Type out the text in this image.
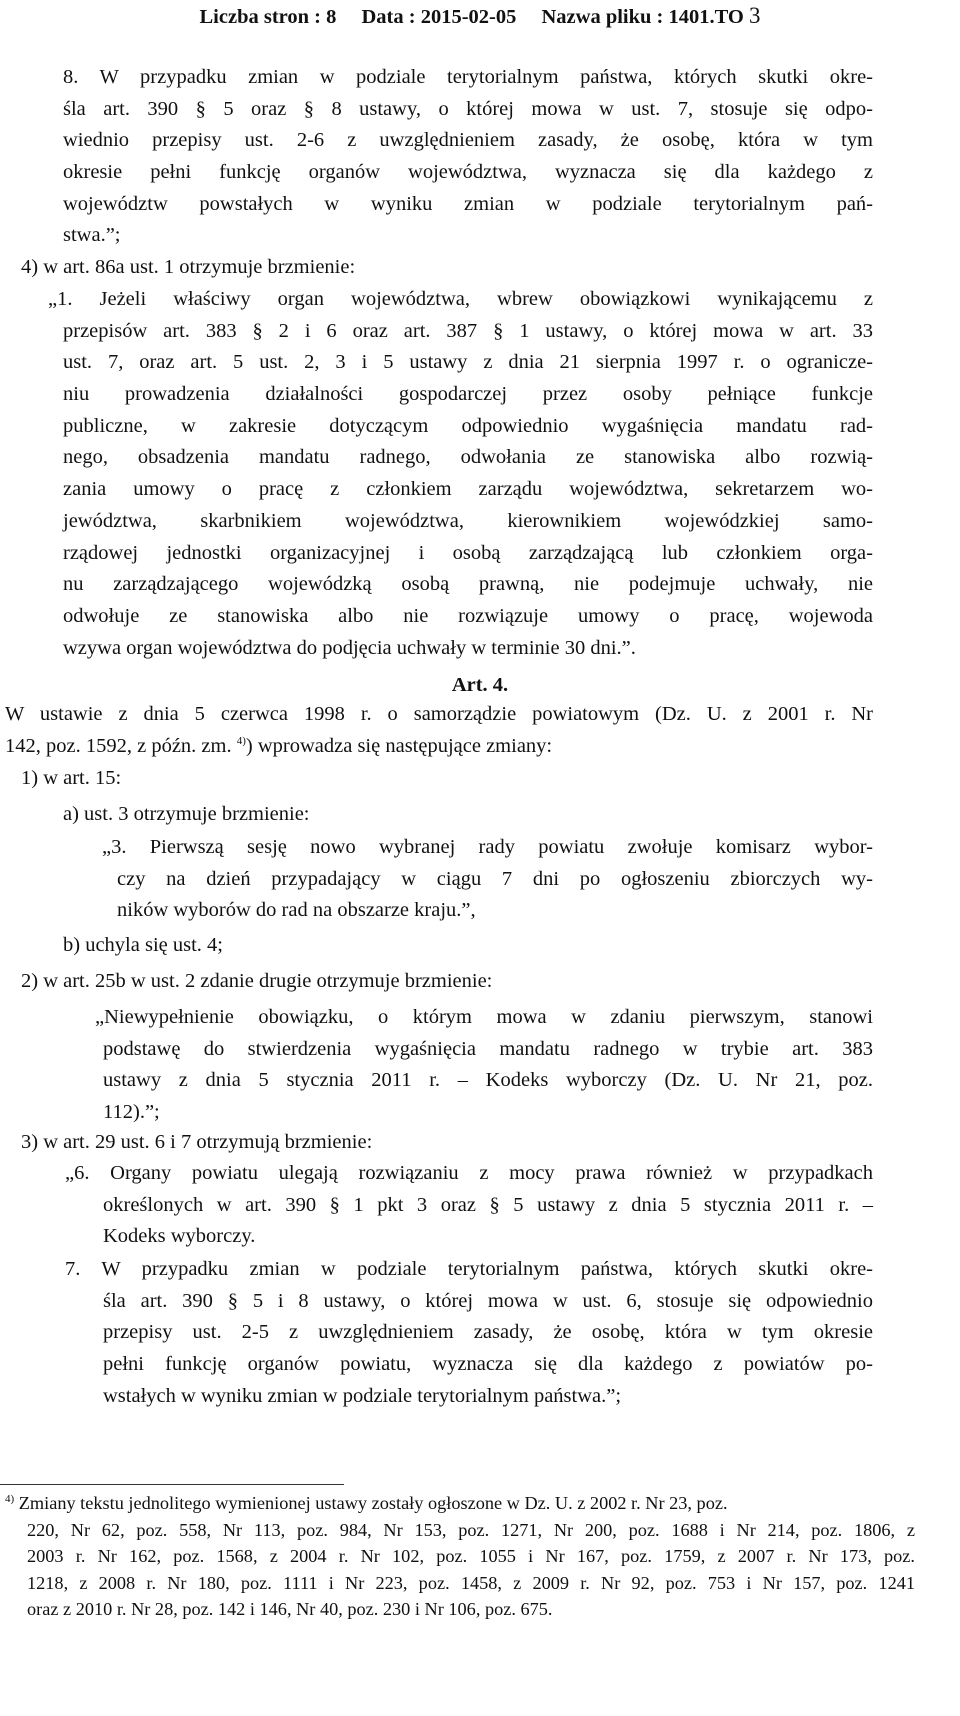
Liczba stron : 8 Data : 2015-02-05 Nazwa pliku : 1401.TO 3
8. W przypadku zmian w podziale terytorialnym państwa, których skutki okre-
śla art. 390 § 5 oraz § 8 ustawy, o której mowa w ust. 7, stosuje się odpo-
wiednio przepisy ust. 2-6 z uwzględnieniem zasady, że osobę, która w tym
okresie pełni funkcję organów województwa, wyznacza się dla każdego z
województw powstałych w wyniku zmian w podziale terytorialnym pań-
stwa.”;
4) w art. 86a ust. 1 otrzymuje brzmienie:
„1. Jeżeli właściwy organ województwa, wbrew obowiązkowi wynikającemu z
przepisów art. 383 § 2 i 6 oraz art. 387 § 1 ustawy, o której mowa w art. 33
ust. 7, oraz art. 5 ust. 2, 3 i 5 ustawy z dnia 21 sierpnia 1997 r. o ogranicze-
niu prowadzenia działalności gospodarczej przez osoby pełniące funkcje
publiczne, w zakresie dotyczącym odpowiednio wygaśnięcia mandatu rad-
nego, obsadzenia mandatu radnego, odwołania ze stanowiska albo rozwią-
zania umowy o pracę z członkiem zarządu województwa, sekretarzem wo-
jewództwa, skarbnikiem województwa, kierownikiem wojewódzkiej samo-
rządowej jednostki organizacyjnej i osobą zarządzającą lub członkiem orga-
nu zarządzającego wojewódzką osobą prawną, nie podejmuje uchwały, nie
odwołuje ze stanowiska albo nie rozwiązuje umowy o pracę, wojewoda
wzywa organ województwa do podjęcia uchwały w terminie 30 dni.”.
Art. 4.
W ustawie z dnia 5 czerwca 1998 r. o samorządzie powiatowym (Dz. U. z 2001 r. Nr
142, poz. 1592, z późn. zm. $^{4)}$) wprowadza się następujące zmiany:
1) w art. 15:
a) ust. 3 otrzymuje brzmienie:
„3. Pierwszą sesję nowo wybranej rady powiatu zwołuje komisarz wybor-
czy na dzień przypadający w ciągu 7 dni po ogłoszeniu zbiorczych wy-
ników wyborów do rad na obszarze kraju.”,
b) uchyla się ust. 4;
2) w art. 25b w ust. 2 zdanie drugie otrzymuje brzmienie:
„Niewypełnienie obowiązku, o którym mowa w zdaniu pierwszym, stanowi
podstawę do stwierdzenia wygaśnięcia mandatu radnego w trybie art. 383
ustawy z dnia 5 stycznia 2011 r. – Kodeks wyborczy (Dz. U. Nr 21, poz.
112).”;
3) w art. 29 ust. 6 i 7 otrzymują brzmienie:
„6. Organy powiatu ulegają rozwiązaniu z mocy prawa również w przypadkach
określonych w art. 390 § 1 pkt 3 oraz § 5 ustawy z dnia 5 stycznia 2011 r. –
Kodeks wyborczy.
7. W przypadku zmian w podziale terytorialnym państwa, których skutki okre-
śla art. 390 § 5 i 8 ustawy, o której mowa w ust. 6, stosuje się odpowiednio
przepisy ust. 2-5 z uwzględnieniem zasady, że osobę, która w tym okresie
pełni funkcję organów powiatu, wyznacza się dla każdego z powiatów po-
wstałych w wyniku zmian w podziale terytorialnym państwa.”;
$^{4)}$ Zmiany tekstu jednolitego wymienionej ustawy zostały ogłoszone w Dz. U. z 2002 r. Nr 23, poz.
220, Nr 62, poz. 558, Nr 113, poz. 984, Nr 153, poz. 1271, Nr 200, poz. 1688 i Nr 214, poz. 1806, z
2003 r. Nr 162, poz. 1568, z 2004 r. Nr 102, poz. 1055 i Nr 167, poz. 1759, z 2007 r. Nr 173, poz.
1218, z 2008 r. Nr 180, poz. 1111 i Nr 223, poz. 1458, z 2009 r. Nr 92, poz. 753 i Nr 157, poz. 1241
oraz z 2010 r. Nr 28, poz. 142 i 146, Nr 40, poz. 230 i Nr 106, poz. 675.
